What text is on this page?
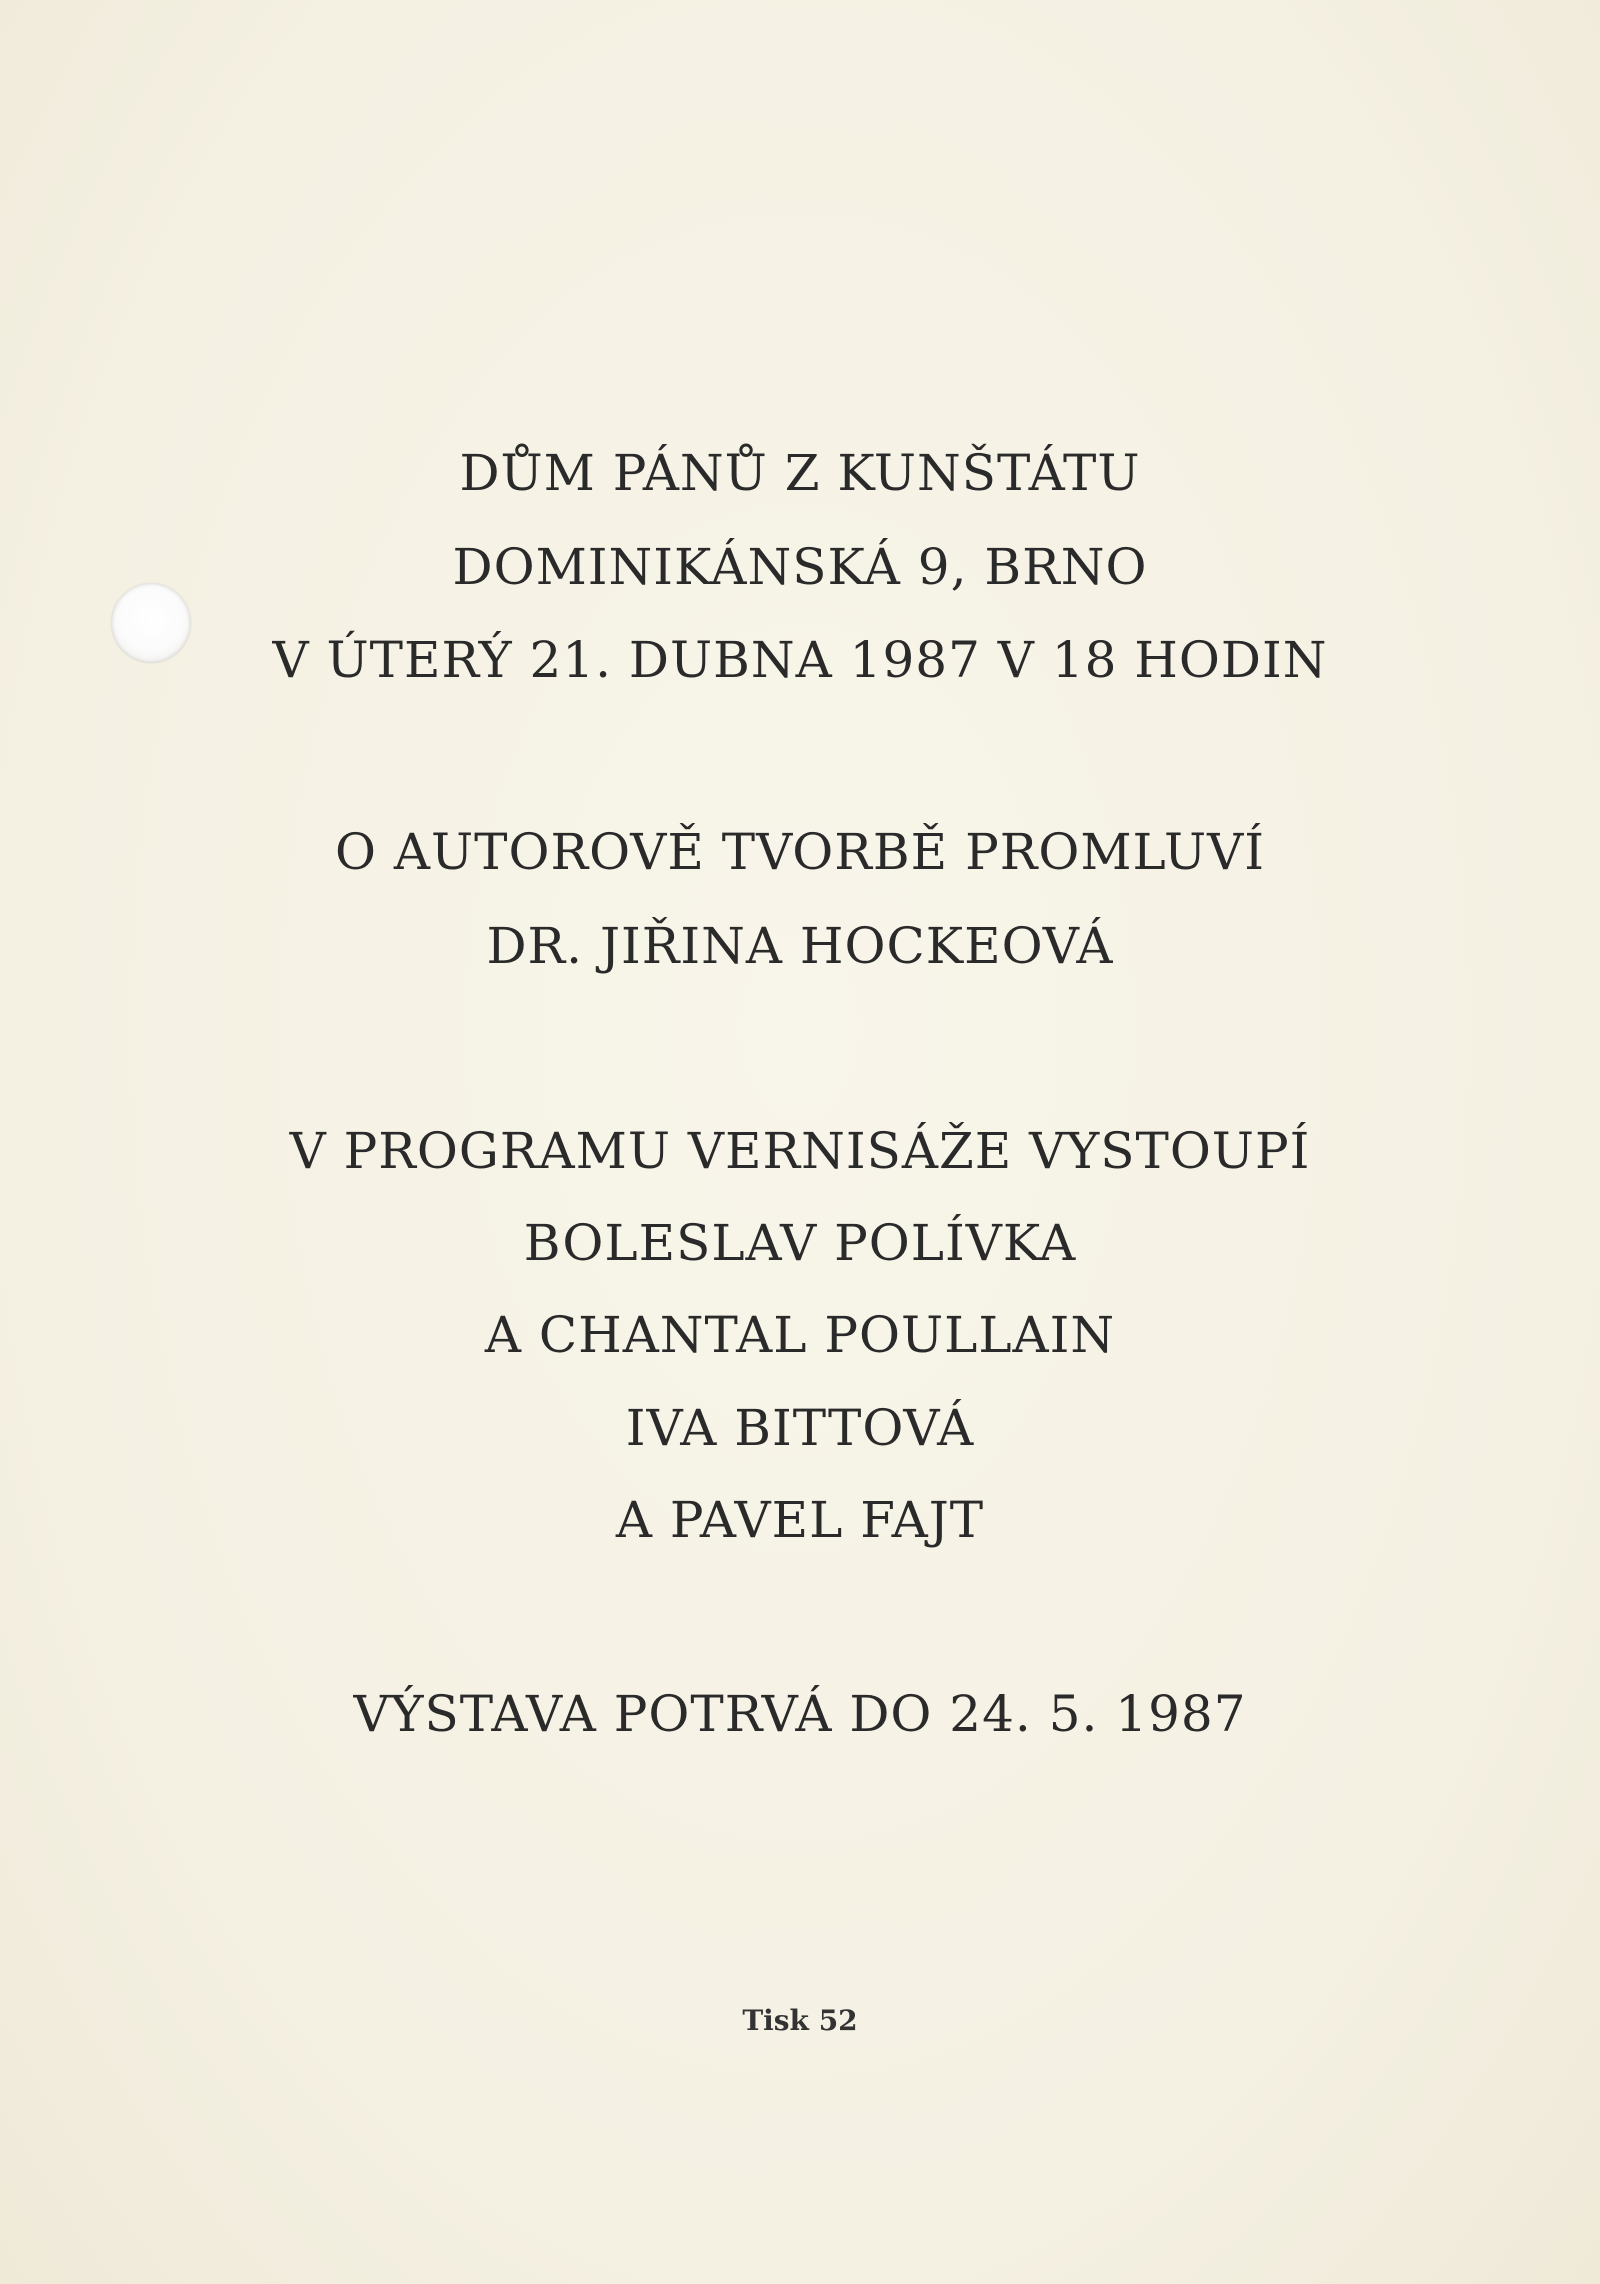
DŮM PÁNŮ Z KUNŠTÁTU

DOMINIKÁNSKÁ 9, BRNO

V ÚTERÝ 21. DUBNA 1987 V 18 HODIN

O AUTOROVĚ TVORBĚ PROMLUVÍ

DR. JIŘINA HOCKEOVÁ

V PROGRAMU VERNISÁŽE VYSTOUPÍ

BOLESLAV POLÍVKA

A CHANTAL POULLAIN

IVA BITTOVÁ

A PAVEL FAJT

VÝSTAVA POTRVÁ DO 24. 5. 1987

Tisk 52
